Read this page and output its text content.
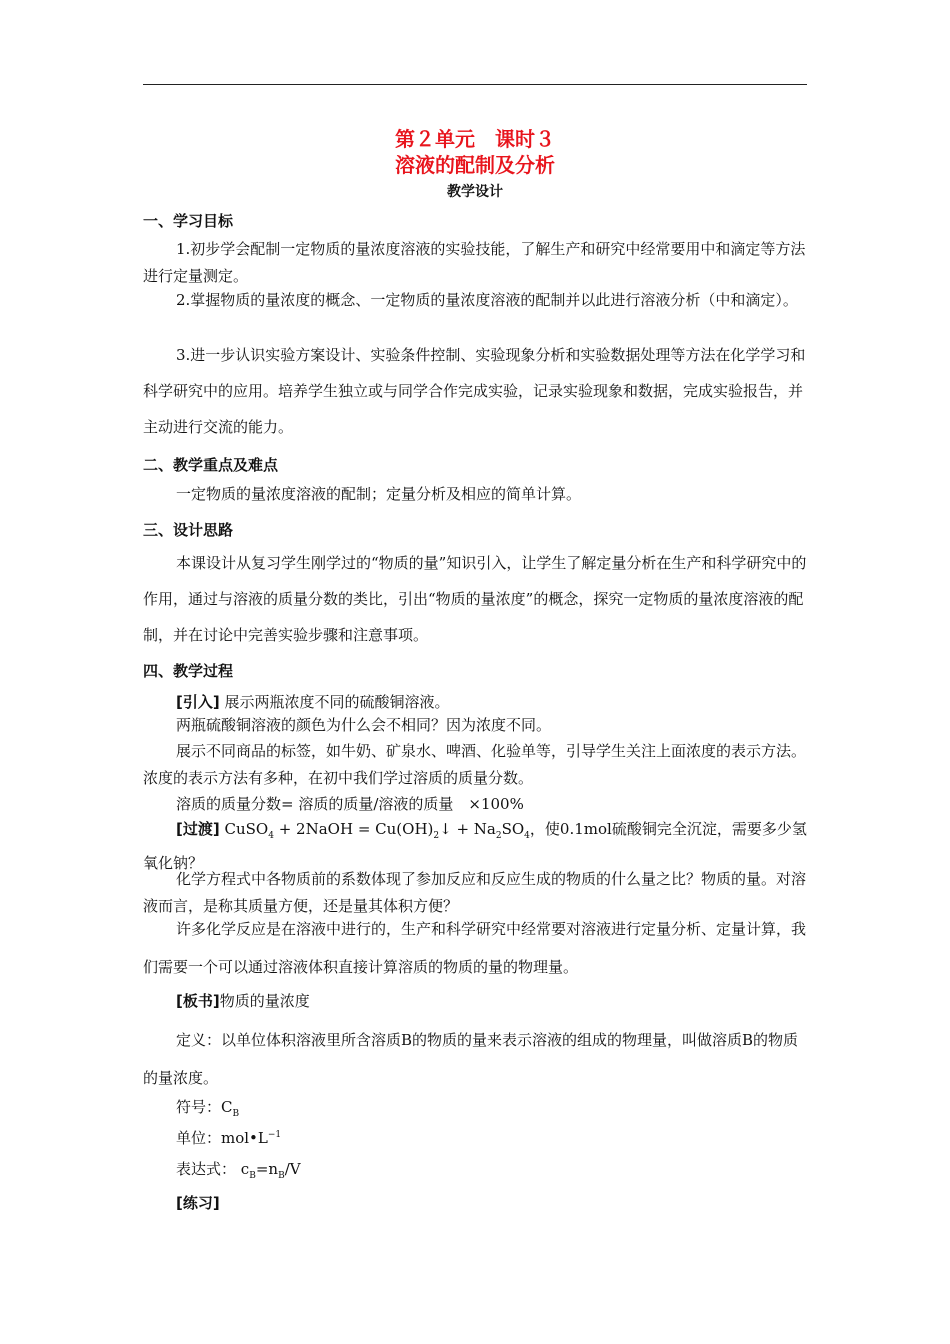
第２单元　课时３
溶液的配制及分析
教学设计
一、学习目标

1.初步学会配制一定物质的量浓度溶液的实验技能，了解生产和研究中经常要用中和滴定等方法进行定量测定。

2.掌握物质的量浓度的概念、一定物质的量浓度溶液的配制并以此进行溶液分析（中和滴定）。

3.进一步认识实验方案设计、实验条件控制、实验现象分析和实验数据处理等方法在化学学习和科学研究中的应用。培养学生独立或与同学合作完成实验，记录实验现象和数据，完成实验报告，并主动进行交流的能力。

二、教学重点及难点

一定物质的量浓度溶液的配制；定量分析及相应的简单计算。

三、设计思路

本课设计从复习学生刚学过的“物质的量”知识引入，让学生了解定量分析在生产和科学研究中的作用，通过与溶液的质量分数的类比，引出“物质的量浓度”的概念，探究一定物质的量浓度溶液的配制，并在讨论中完善实验步骤和注意事项。

四、教学过程
[引入] 展示两瓶浓度不同的硫酸铜溶液。

两瓶硫酸铜溶液的颜色为什么会不相同？因为浓度不同。

展示不同商品的标签，如牛奶、矿泉水、啤酒、化验单等，引导学生关注上面浓度的表示方法。浓度的表示方法有多种，在初中我们学过溶质的质量分数。

溶质的质量分数= 溶质的质量/溶液的质量　×100%

[过渡] CuSO$_4$ + 2NaOH = $Cu(OH)_2↓ + Na_2SO_4$，使0.1mol硫酸铜完全沉淀，需要多少氢氧化钠？

化学方程式中各物质前的系数体现了参加反应和反应生成的物质的什么量之比？物质的量。对溶液而言，是称其质量方便，还是量其体积方便？

许多化学反应是在溶液中进行的，生产和科学研究中经常要对溶液进行定量分析、定量计算，我们需要一个可以通过溶液体积直接计算溶质的物质的量的物理量。

[板书]物质的量浓度

定义：以单位体积溶液里所含溶质B的物质的量来表示溶液的组成的物理量，叫做溶质B的物质的量浓度。

符号：$C_B$
单位：$mol•L^{-1}$
表达式： $c_B=n_B/V$
[练习]
